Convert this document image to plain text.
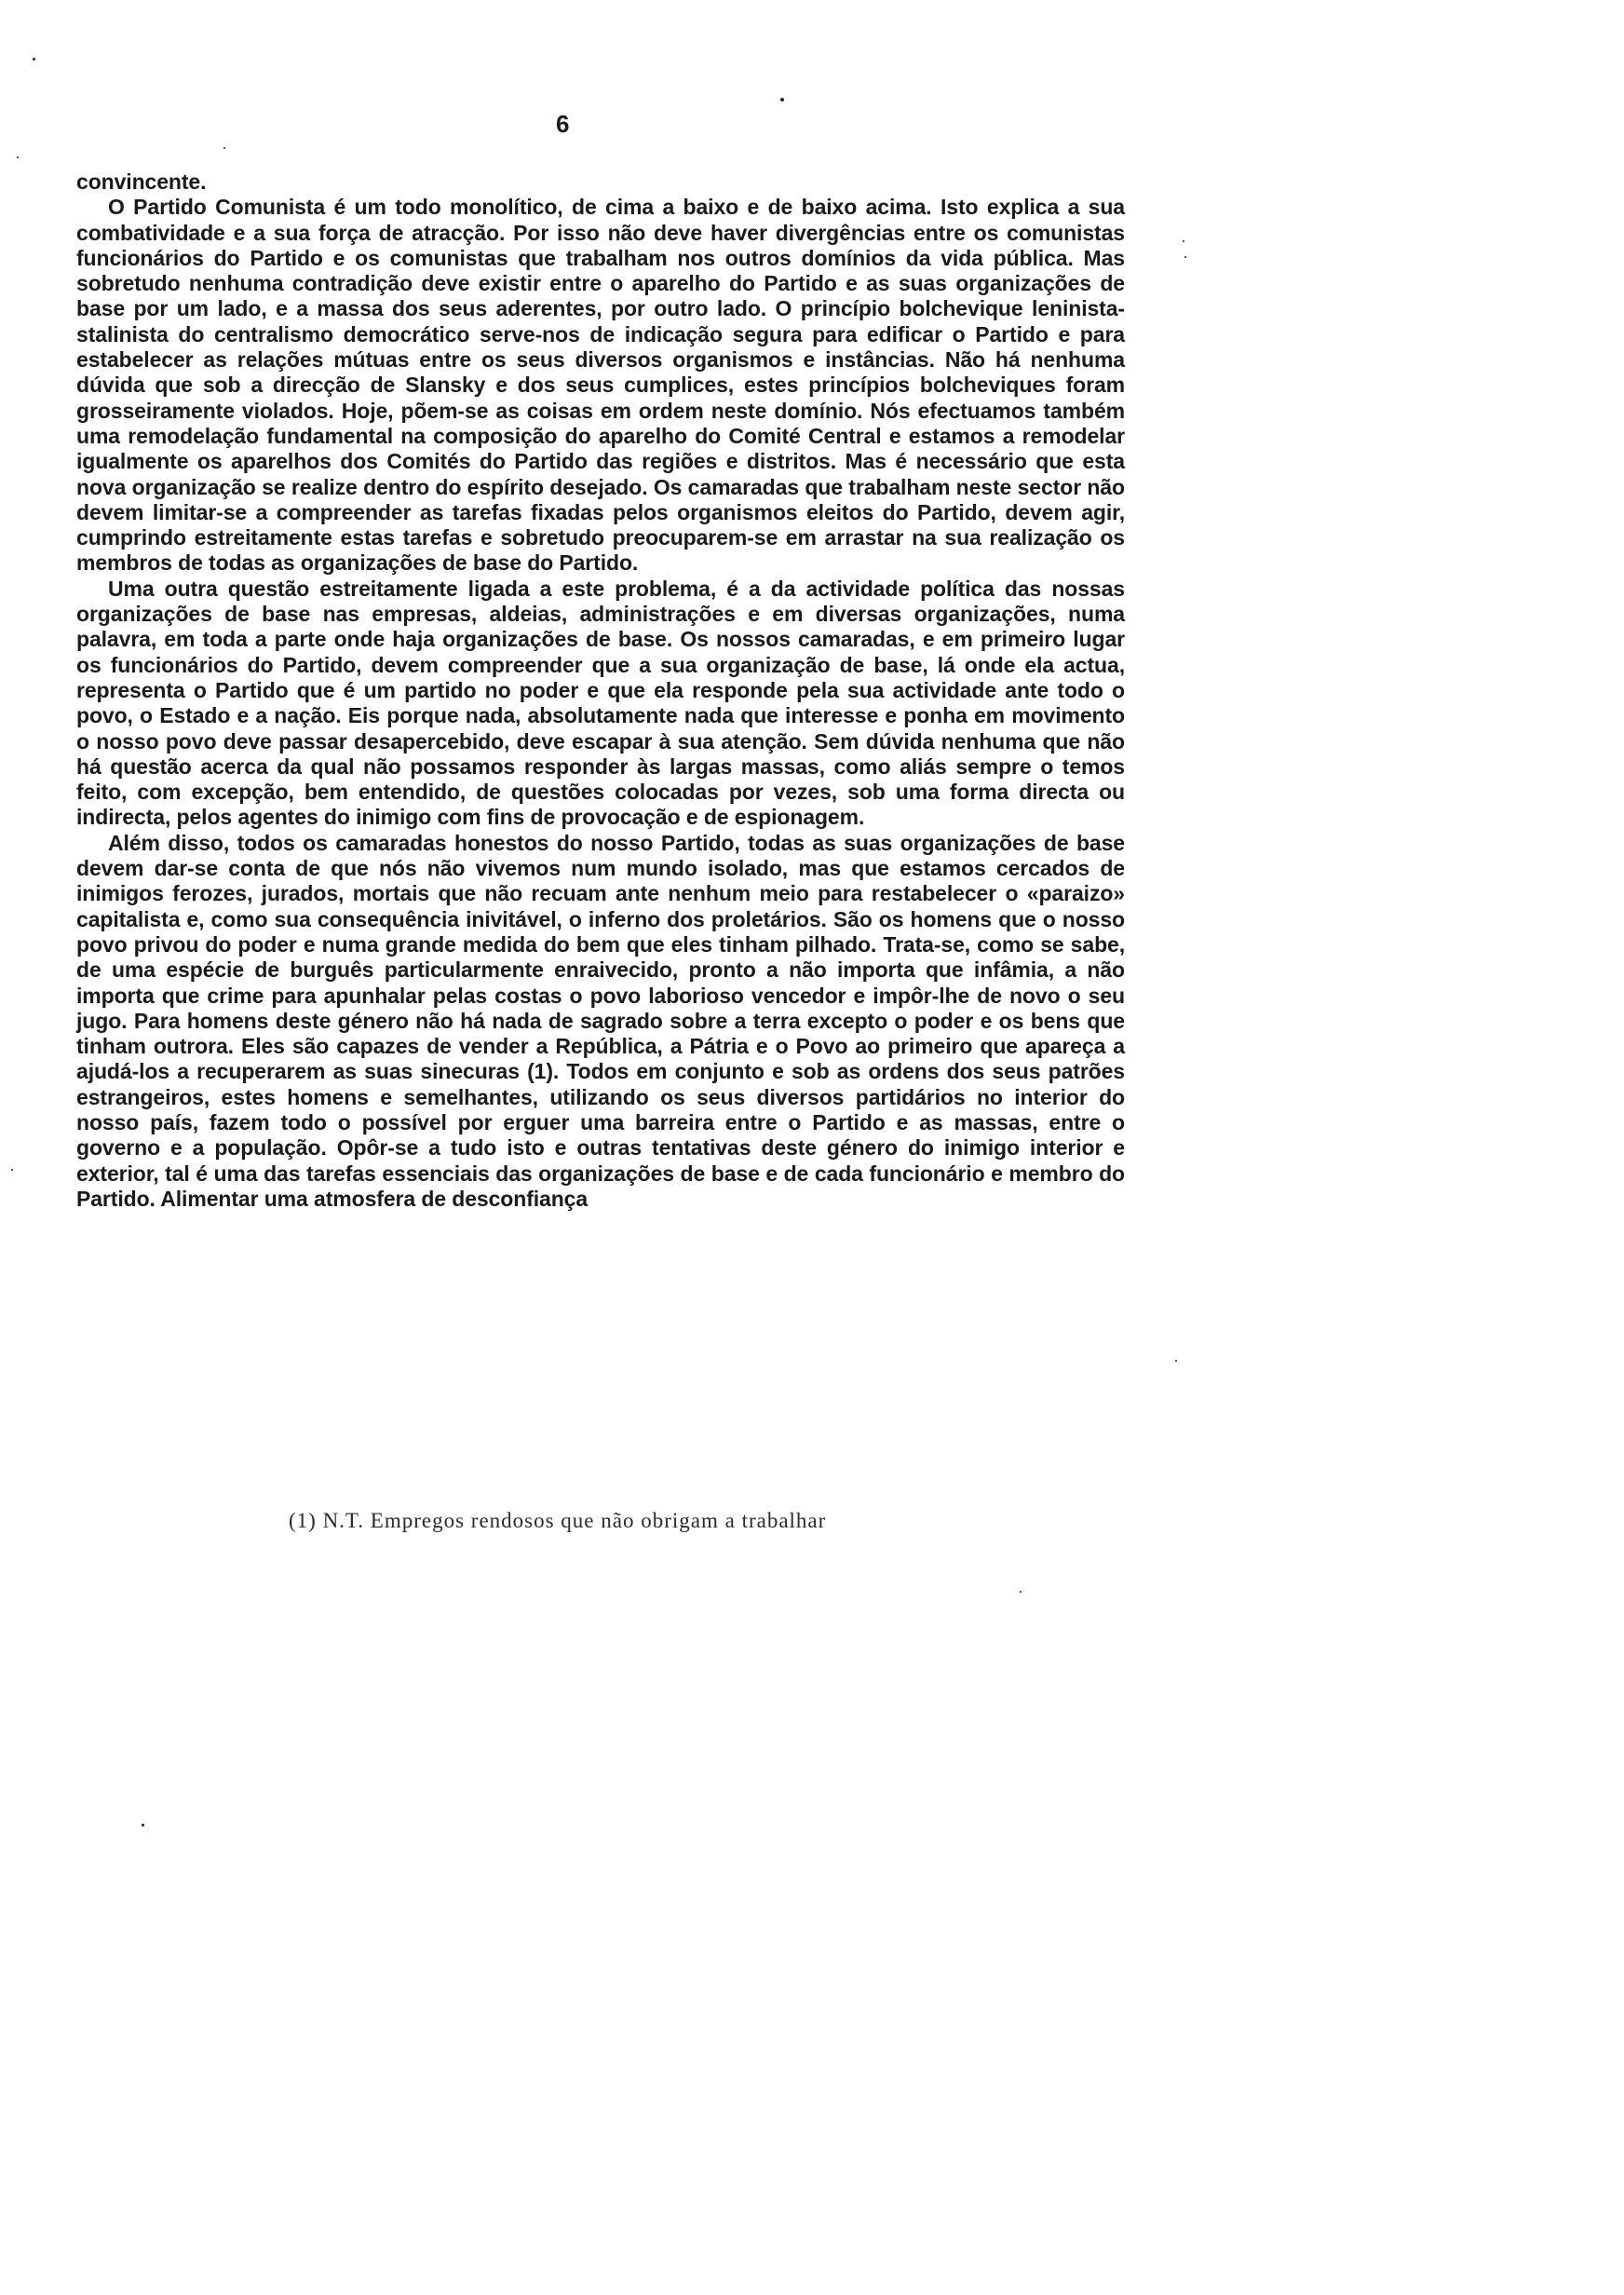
6

convincente.

O Partido Comunista é um todo monolítico, de cima a baixo e de baixo acima. Isto explica a sua combatividade e a sua força de atracção. Por isso não deve haver divergências entre os comunistas funcionários do Partido e os comunistas que trabalham nos outros domínios da vida pública. Mas sobretudo nenhuma contradição deve existir entre o aparelho do Partido e as suas organizações de base por um lado, e a massa dos seus aderentes, por outro lado. O princípio bolchevique leninista-stalinista do centralismo democrático serve-nos de indicação segura para edificar o Partido e para estabelecer as relações mútuas entre os seus diversos organismos e instâncias. Não há nenhuma dúvida que sob a direcção de Slansky e dos seus cumplices, estes princípios bolcheviques foram grosseiramente violados. Hoje, põem-se as coisas em ordem neste domínio. Nós efectuamos também uma remodelação fundamental na composição do aparelho do Comité Central e estamos a remodelar igualmente os aparelhos dos Comités do Partido das regiões e distritos. Mas é necessário que esta nova organização se realize dentro do espírito desejado. Os camaradas que trabalham neste sector não devem limitar-se a compreender as tarefas fixadas pelos organismos eleitos do Partido, devem agir, cumprindo estreitamente estas tarefas e sobretudo preocuparem-se em arrastar na sua realização os membros de todas as organizações de base do Partido.

Uma outra questão estreitamente ligada a este problema, é a da actividade política das nossas organizações de base nas empresas, aldeias, administrações e em diversas organizações, numa palavra, em toda a parte onde haja organizações de base. Os nossos camaradas, e em primeiro lugar os funcionários do Partido, devem compreender que a sua organização de base, lá onde ela actua, representa o Partido que é um partido no poder e que ela responde pela sua actividade ante todo o povo, o Estado e a nação. Eis porque nada, absolutamente nada que interesse e ponha em movimento o nosso povo deve passar desapercebido, deve escapar à sua atenção. Sem dúvida nenhuma que não há questão acerca da qual não possamos responder às largas massas, como aliás sempre o temos feito, com excepção, bem entendido, de questões colocadas por vezes, sob uma forma directa ou indirecta, pelos agentes do inimigo com fins de provocação e de espionagem.

Além disso, todos os camaradas honestos do nosso Partido, todas as suas organizações de base devem dar-se conta de que nós não vivemos num mundo isolado, mas que estamos cercados de inimigos ferozes, jurados, mortais que não recuam ante nenhum meio para restabelecer o «paraizo» capitalista e, como sua consequência inivitável, o inferno dos proletários. São os homens que o nosso povo privou do poder e numa grande medida do bem que eles tinham pilhado. Trata-se, como se sabe, de uma espécie de burguês particularmente enraivecido, pronto a não importa que infâmia, a não importa que crime para apunhalar pelas costas o povo laborioso vencedor e impôr-lhe de novo o seu jugo. Para homens deste género não há nada de sagrado sobre a terra excepto o poder e os bens que tinham outrora. Eles são capazes de vender a República, a Pátria e o Povo ao primeiro que apareça a ajudá-los a recuperarem as suas sinecuras (1). Todos em conjunto e sob as ordens dos seus patrões estrangeiros, estes homens e semelhantes, utilizando os seus diversos partidários no interior do nosso país, fazem todo o possível por erguer uma barreira entre o Partido e as massas, entre o governo e a população. Opôr-se a tudo isto e outras tentativas deste género do inimigo interior e exterior, tal é uma das tarefas essenciais das organizações de base e de cada funcionário e membro do Partido. Alimentar uma atmosfera de desconfiança

(1) N.T. Empregos rendosos que não obrigam a trabalhar
